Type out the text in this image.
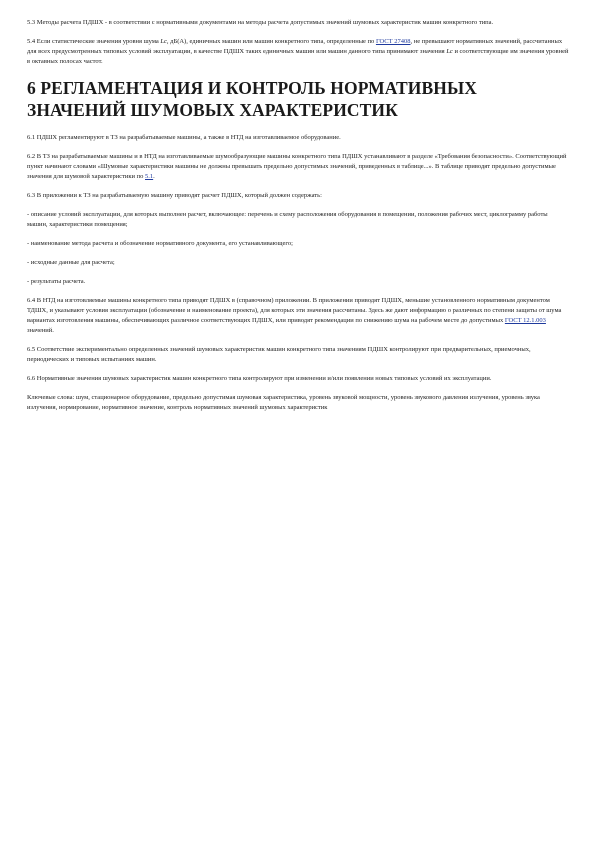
5.3 Методы расчета ПДШХ - в соответствии с нормативными документами на методы расчета допустимых значений шумовых характеристик машин конкретного типа.

5.4 Если статистические значения уровня шума Lc, дБ(А), единичных машин или машин конкретного типа, определенные по ГОСТ 27408, не превышают нормативных значений, рассчитанных для всех предусмотренных типовых условий эксплуатации, в качестве ПДШХ таких единичных машин или машин данного типа принимают значения Lc и соответствующие им значения уровней в октавных полосах частот.

6 РЕГЛАМЕНТАЦИЯ И КОНТРОЛЬ НОРМАТИВНЫХ ЗНАЧЕНИЙ ШУМОВЫХ ХАРАКТЕРИСТИК

6.1 ПДШХ регламентируют в ТЗ на разрабатываемые машины, а также в НТД на изготавливаемое оборудование.

6.2 В ТЗ на разрабатываемые машины и в НТД на изготавливаемые шумообразующие машины конкретного типа ПДШХ устанавливают в разделе «Требования безопасности». Соответствующий пункт начинают словами «Шумовые характеристики машины не должны превышать предельно допустимых значений, приведенных в таблице...». В таблице приводят предельно допустимые значения для шумовой характеристики по 5.1.

6.3 В приложении к ТЗ на разрабатываемую машину приводят расчет ПДШХ, который должен содержать:

- описание условий эксплуатации, для которых выполнен расчет, включающее: перечень и схему расположения оборудования в помещении, положения рабочих мест, циклограмму работы машин, характеристики помещения;

- наименование метода расчета и обозначение нормативного документа, его устанавливающего;

- исходные данные для расчета;

- результаты расчета.

6.4 В НТД на изготовляемые машины конкретного типа приводят ПДШХ в (справочном) приложении. В приложении приводят ПДШХ, меньшие установленного нормативным документом ТДШХ, и указывают условия эксплуатации (обозначение и наименование проекта), для которых эти значения рассчитаны. Здесь же дают информацию о различных по степени защиты от шума вариантах изготовления машины, обеспечивающих различное соответствующих ПДШХ, или приводят рекомендации по снижению шума на рабочем месте до допустимых ГОСТ 12.1.003 значений.

6.5 Соответствие экспериментально определенных значений шумовых характеристик машин конкретного типа значениям ПДШХ контролируют при предварительных, приемочных, периодических и типовых испытаниях машин.

6.6 Нормативные значения шумовых характеристик машин конкретного типа контролируют при изменении и/или появлении новых типовых условий их эксплуатации.

Ключевые слова: шум, стационарное оборудование, предельно допустимая шумовая характеристика, уровень звуковой мощности, уровень звукового давления излучения, уровень звука излучения, нормирование, нормативное значение, контроль нормативных значений шумовых характеристик
